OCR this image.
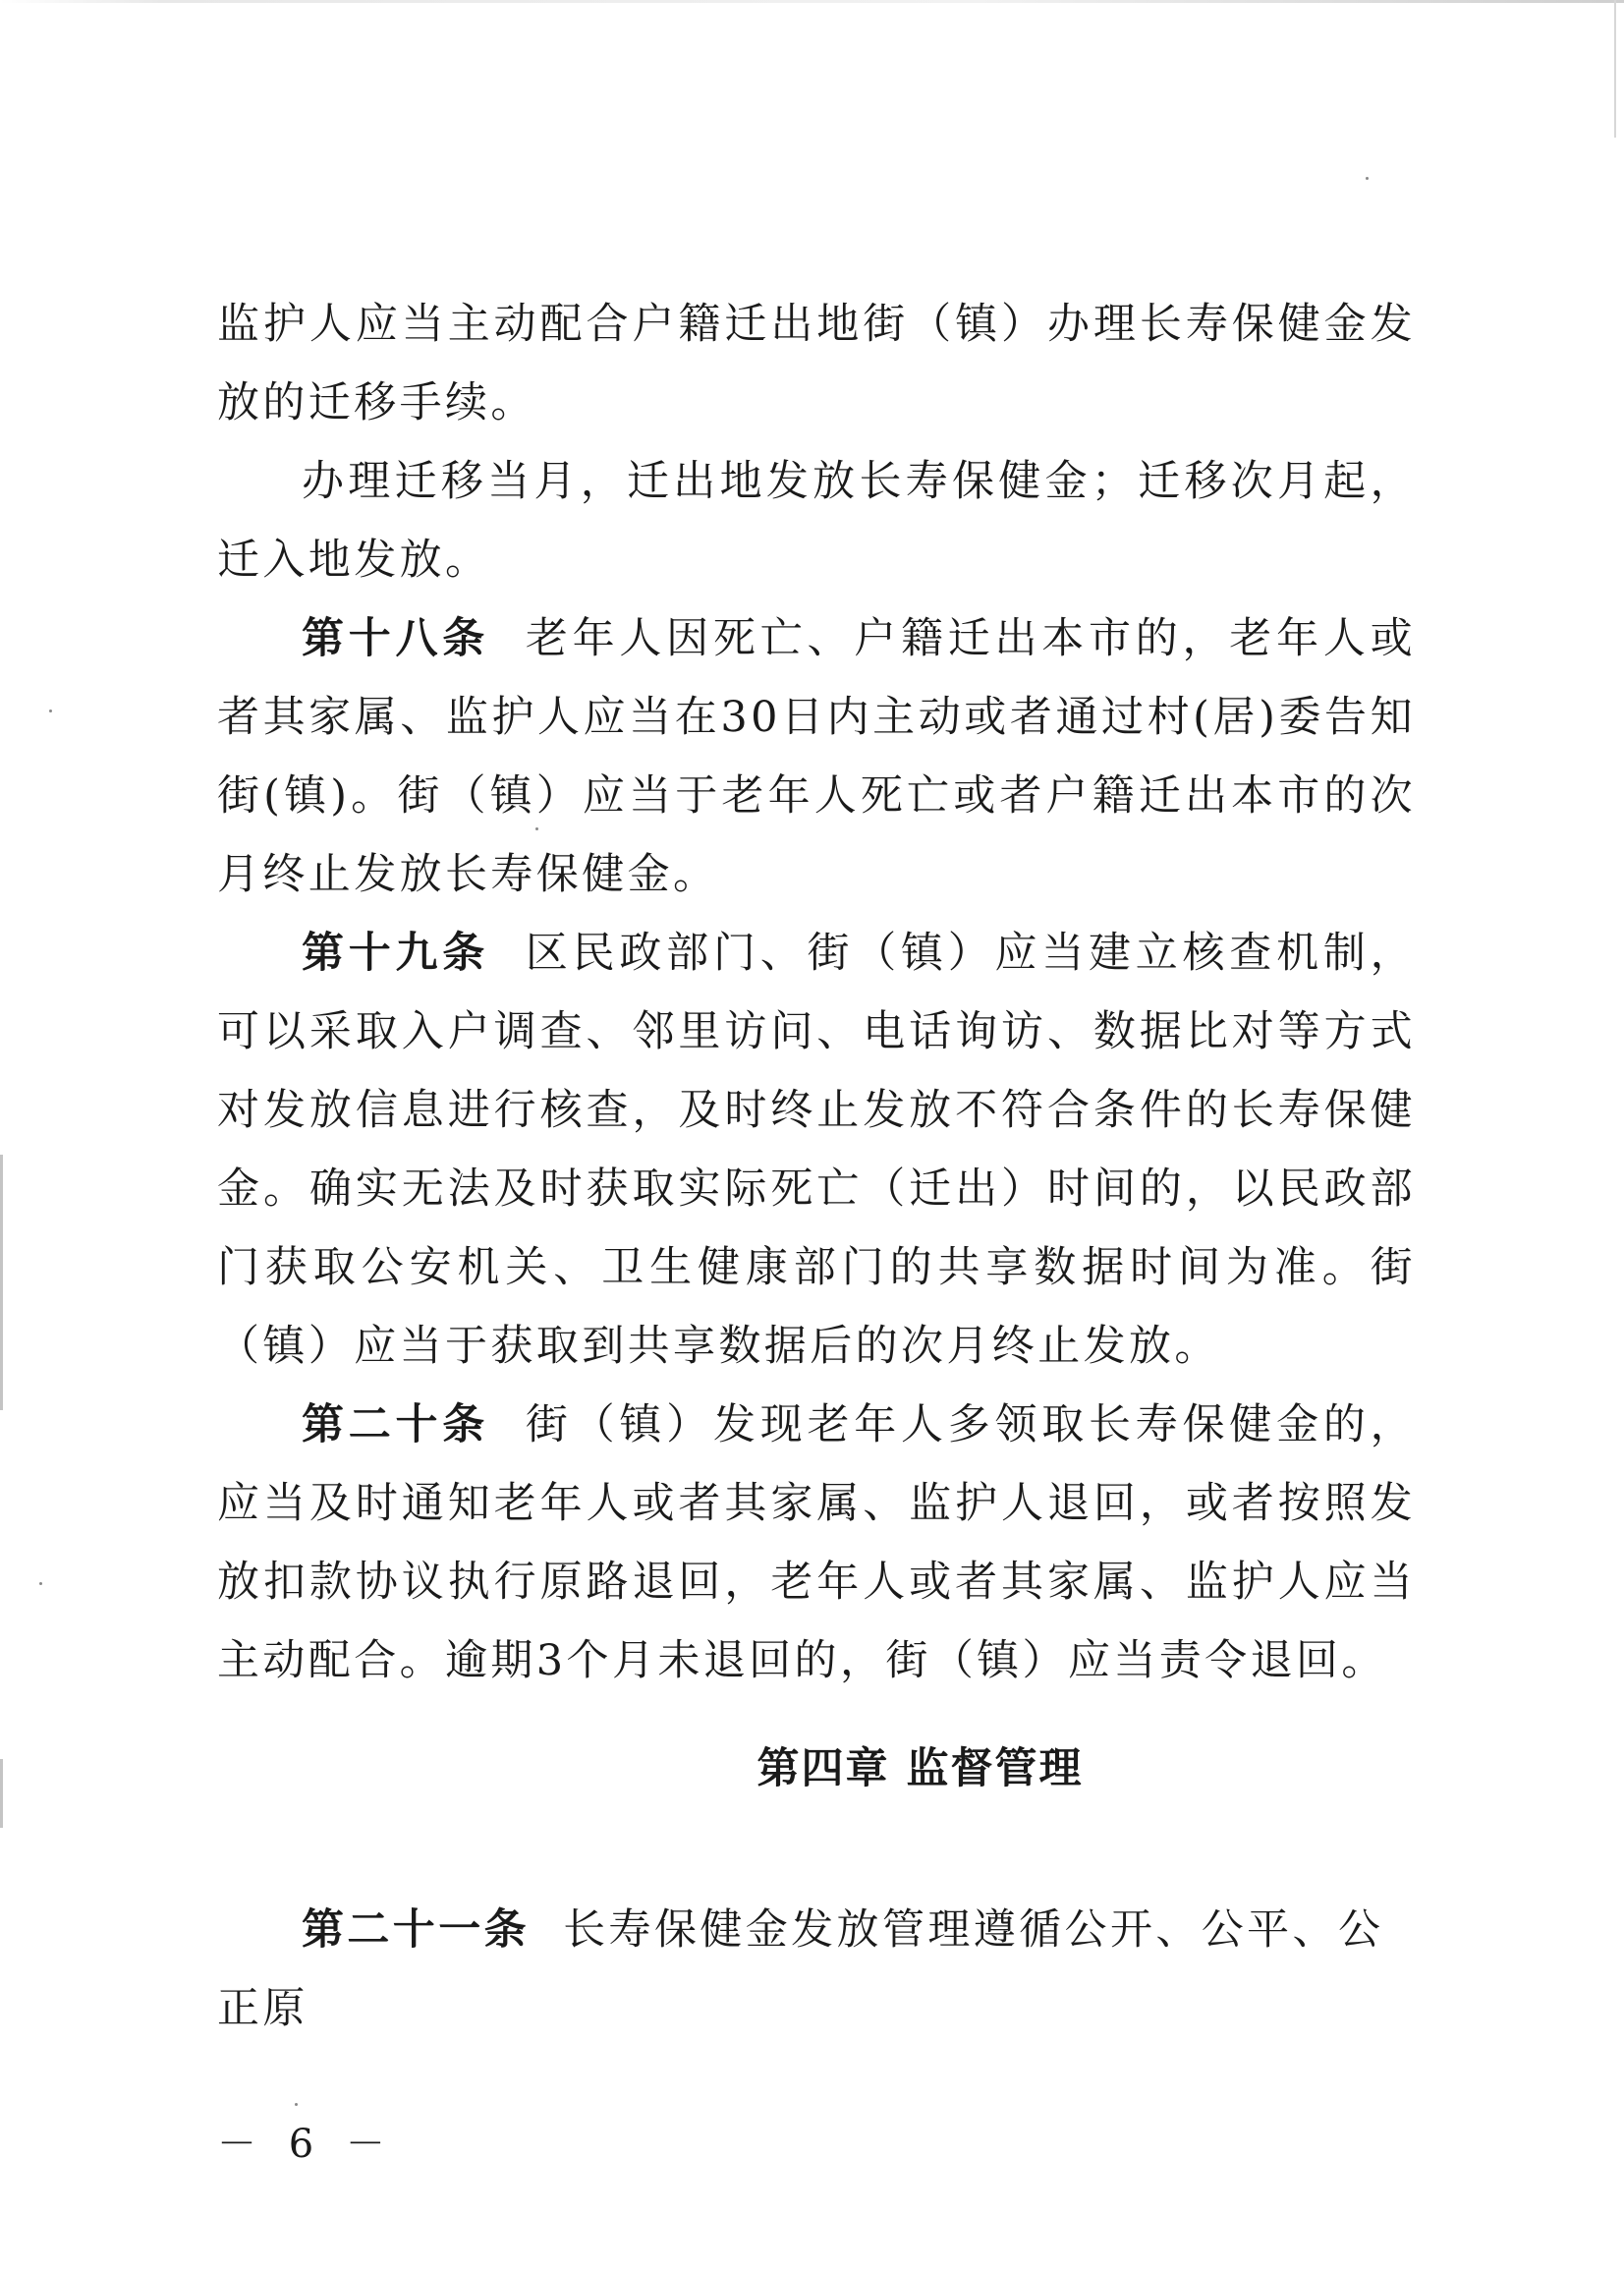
监护人应当主动配合户籍迁出地街（镇）办理长寿保健金发放的迁移手续。

办理迁移当月，迁出地发放长寿保健金；迁移次月起，迁入地发放。

第十八条 老年人因死亡、户籍迁出本市的，老年人或者其家属、监护人应当在30日内主动或者通过村(居)委告知街(镇)。街（镇）应当于老年人死亡或者户籍迁出本市的次月终止发放长寿保健金。

第十九条 区民政部门、街（镇）应当建立核查机制，可以采取入户调查、邻里访问、电话询访、数据比对等方式对发放信息进行核查，及时终止发放不符合条件的长寿保健金。确实无法及时获取实际死亡（迁出）时间的，以民政部门获取公安机关、卫生健康部门的共享数据时间为准。街（镇）应当于获取到共享数据后的次月终止发放。

第二十条 街（镇）发现老年人多领取长寿保健金的，应当及时通知老年人或者其家属、监护人退回，或者按照发放扣款协议执行原路退回，老年人或者其家属、监护人应当主动配合。逾期3个月未退回的，街（镇）应当责令退回。

第四章 监督管理

第二十一条 长寿保健金发放管理遵循公开、公平、公正原

－ 6 －
